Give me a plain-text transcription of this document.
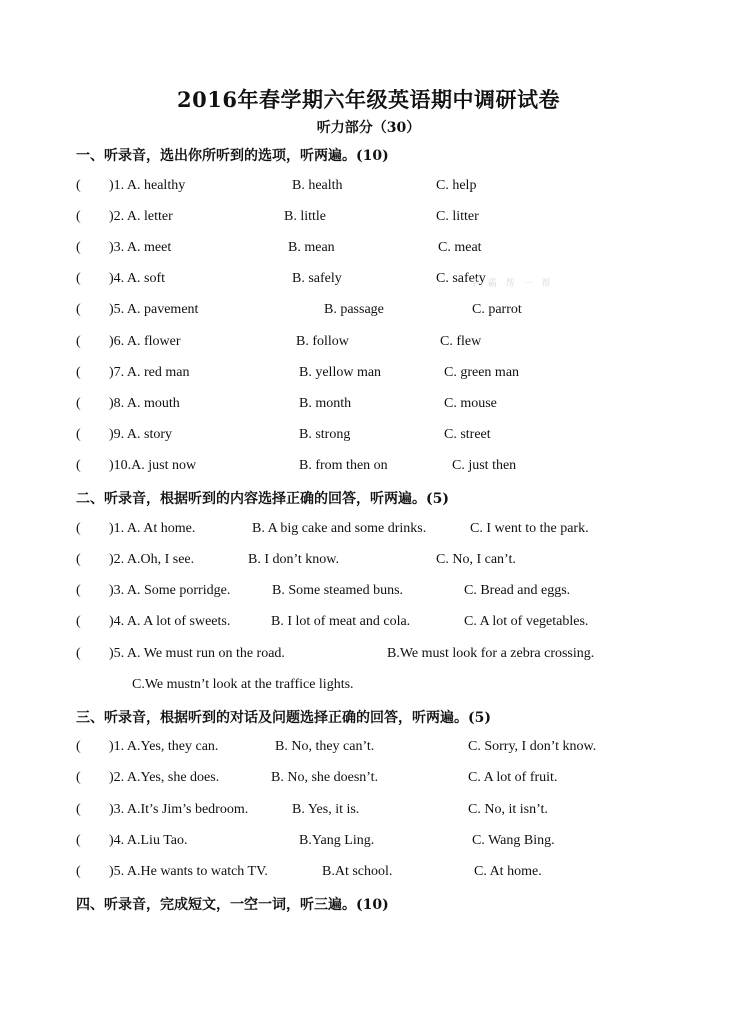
2016年春学期六年级英语期中调研试卷
听力部分（30）
一、听录音，选出你所听到的选项，听两遍。(10)
( )1. A. healthy	B. health	C. help
( )2. A. letter	B. little	C. litter
( )3. A. meet	B. mean	C. meat
( )4. A. soft	B. safely	C. safety
( )5. A. pavement	B. passage	C. parrot
( )6. A. flower	B. follow	C. flew
( )7. A. red man	B. yellow man	C. green man
( )8. A. mouth	B. month	C. mouse
( )9. A. story	B. strong	C. street
( )10.A. just now	B. from then on	C. just then
二、听录音，根据听到的内容选择正确的回答，听两遍。(5)
( )1. A. At home.	B. A big cake and some drinks.	C. I went to the park.
( )2. A.Oh, I see.	B. I don’t know.	C. No, I can’t.
( )3. A. Some porridge.	B. Some steamed buns.	C. Bread and eggs.
( )4. A. A lot of sweets.	B. I lot of meat and cola.	C. A lot of vegetables.
( )5. A. We must run on the road.	B.We must look for a zebra crossing.
C.We mustn’t look at the traffice lights.
三、听录音，根据听到的对话及问题选择正确的回答，听两遍。(5)
( )1. A.Yes, they can.	B. No, they can’t.	C. Sorry, I don’t know.
( )2. A.Yes, she does.	B. No, she doesn’t.	C. A lot of fruit.
( )3. A.It’s Jim’s bedroom.	B. Yes, it is.	C. No, it isn’t.
( )4. A.Liu Tao.	B.Yang Ling.	C. Wang Bing.
( )5. A.He wants to watch TV.	B.At school.	C. At home.
四、听录音，完成短文，一空一词，听三遍。(10)
学 霸 帮 一 帮
